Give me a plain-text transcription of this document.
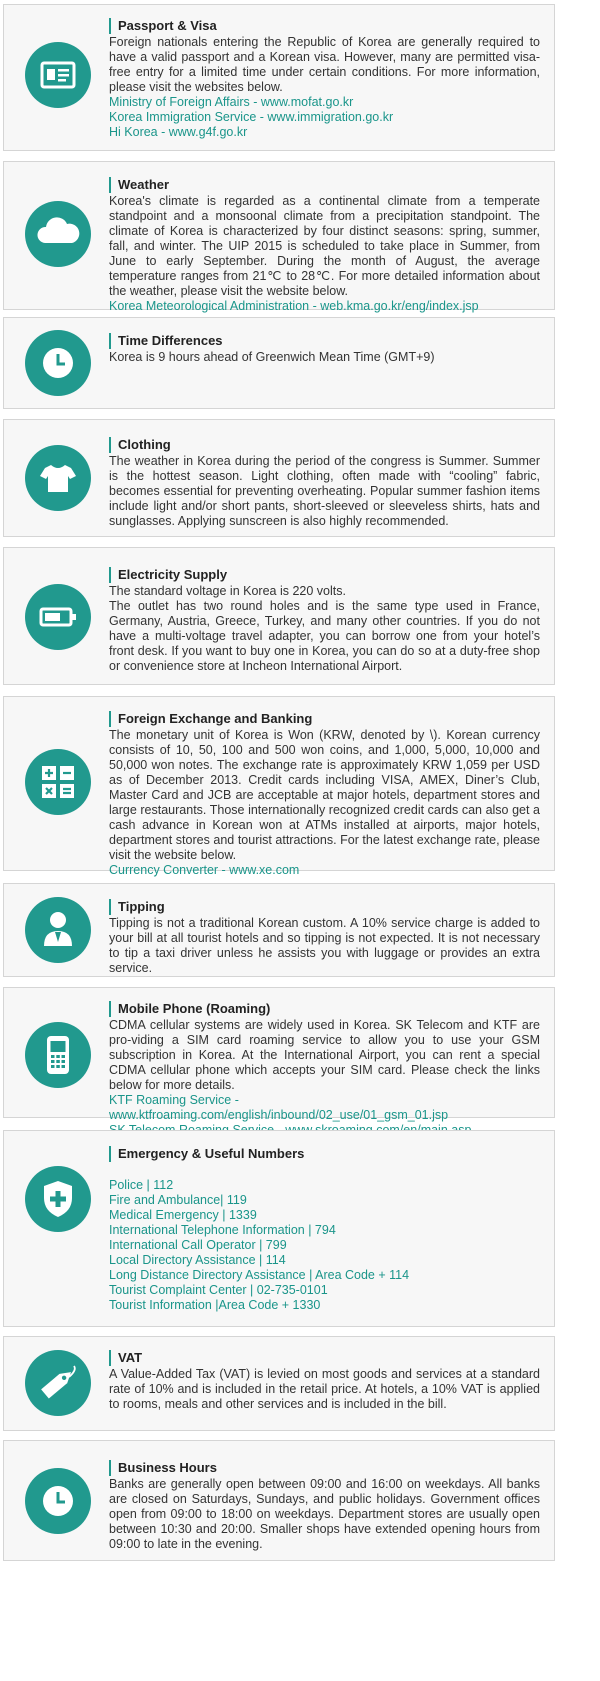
Passport & Visa

Foreign nationals entering the Republic of Korea are generally required to have a valid passport and a Korean visa. However, many are permitted visa-free entry for a limited time under certain conditions. For more information, please visit the websites below.

Ministry of Foreign Affairs - www.mofat.go.kr
Korea Immigration Service - www.immigration.go.kr
Hi Korea - www.g4f.go.kr
Weather

Korea's climate is regarded as a continental climate from a temperate standpoint and a monsoonal climate from a precipitation standpoint. The climate of Korea is characterized by four distinct seasons: spring, summer, fall, and winter. The UIP 2015 is scheduled to take place in Summer, from June to early September. During the month of August, the average temperature ranges from 21℃ to 28℃. For more detailed information about the weather, please visit the website below.

Korea Meteorological Administration - web.kma.go.kr/eng/index.jsp
Time Differences

Korea is 9 hours ahead of Greenwich Mean Time (GMT+9)

Clothing

The weather in Korea during the period of the congress is Summer. Summer is the hottest season. Light clothing, often made with “cooling” fabric, becomes essential for preventing overheating. Popular summer fashion items include light and/or short pants, short-sleeved or sleeveless shirts, hats and sunglasses. Applying sunscreen is also highly recommended.

Electricity Supply

The standard voltage in Korea is 220 volts.

The outlet has two round holes and is the same type used in France, Germany, Austria, Greece, Turkey, and many other countries. If you do not have a multi-voltage travel adapter, you can borrow one from your hotel’s front desk. If you want to buy one in Korea, you can do so at a duty-free shop or convenience store at Incheon International Airport.

Foreign Exchange and Banking

The monetary unit of Korea is Won (KRW, denoted by \). Korean currency consists of 10, 50, 100 and 500 won coins, and 1,000, 5,000, 10,000 and 50,000 won notes. The exchange rate is approximately KRW 1,059 per USD as of December 2013. Credit cards including VISA, AMEX, Diner’s Club, Master Card and JCB are acceptable at major hotels, department stores and large restaurants. Those internationally recognized credit cards can also get a cash advance in Korean won at ATMs installed at airports, major hotels, department stores and tourist attractions. For the latest exchange rate, please visit the website below.

Currency Converter - www.xe.com
Tipping

Tipping is not a traditional Korean custom. A 10% service charge is added to your bill at all tourist hotels and so tipping is not expected. It is not necessary to tip a taxi driver unless he assists you with luggage or provides an extra service.

Mobile Phone (Roaming)

CDMA cellular systems are widely used in Korea. SK Telecom and KTF are pro-viding a SIM card roaming service to allow you to use your GSM subscription in Korea. At the International Airport, you can rent a special CDMA cellular phone which accepts your SIM card. Please check the links below for more details.

KTF Roaming Service - www.ktfroaming.com/english/inbound/02_use/01_gsm_01.jsp
Emergency & Useful Numbers
Police | 112
Fire and Ambulance| 119
Medical Emergency | 1339
International Telephone Information | 794
International Call Operator | 799
Local Directory Assistance | 114
Long Distance Directory Assistance | Area Code + 114
Tourist Complaint Center | 02-735-0101
Tourist Information |Area Code + 1330
VAT

A Value-Added Tax (VAT) is levied on most goods and services at a standard rate of 10% and is included in the retail price. At hotels, a 10% VAT is applied to rooms, meals and other services and is included in the bill.

Business Hours

Banks are generally open between 09:00 and 16:00 on weekdays. All banks are closed on Saturdays, Sundays, and public holidays. Government offices open from 09:00 to 18:00 on weekdays. Department stores are usually open between 10:30 and 20:00. Smaller shops have extended opening hours from 09:00 to late in the evening.
